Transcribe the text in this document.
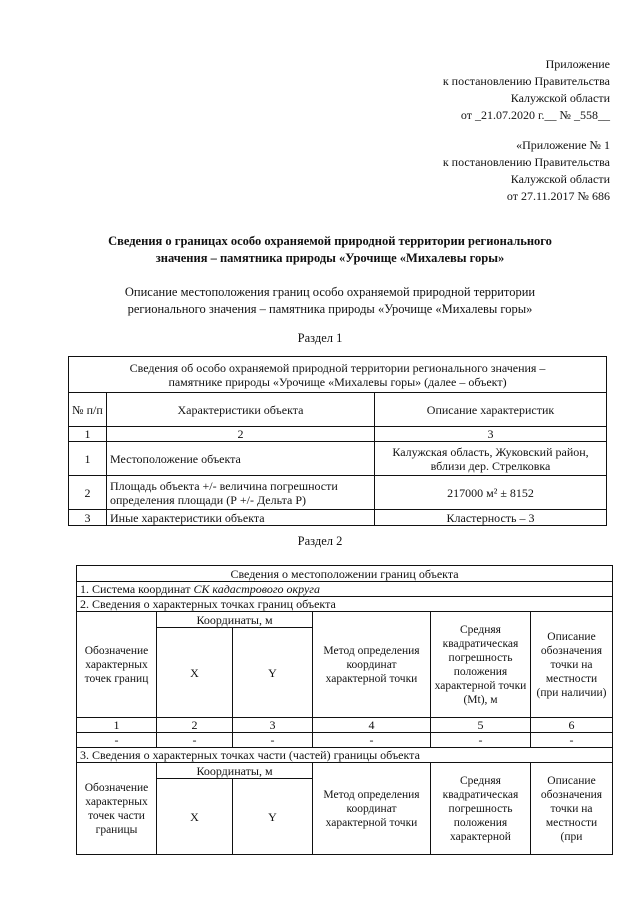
Приложение
к постановлению Правительства
Калужской области
от _21.07.2020 г.__ № _558__
«Приложение № 1
к постановлению Правительства
Калужской области
от 27.11.2017 № 686
Сведения о границах особо охраняемой природной территории регионального
значения – памятника природы «Урочище «Михалевы горы»
Описание местоположения границ особо охраняемой природной территории
регионального значения – памятника природы «Урочище «Михалевы горы»
Раздел 1
Сведения об особо охраняемой природной территории регионального значения –
памятнике природы «Урочище «Михалевы горы» (далее – объект)		

№ п/п	Характеристики объекта	Описание характеристик
1	2	3
1	Местоположение объекта	Калужская область, Жуковский район, вблизи дер. Стрелковка
2	Площадь объекта +/- величина погрешности определения площади (Р +/- Дельта Р)	217000 м² ± 8152
3	Иные характеристики объекта	Кластерность – 3
Раздел 2
Сведения о местоположении границ объекта					
1. Система координат СК кадастрового округа					
2. Сведения о характерных точках границ объекта					
Обозначение характерных точек границ	Координаты, м		Метод определения координат характерной точки	Средняя квадратическая погрешность положения характерной точки (Mt), м	Описание обозначения точки на местности (при наличии)
	X	Y			
1	2	3	4	5	6
-	-	-	-	-	-
3. Сведения о характерных точках части (частей) границы объекта					
Обозначение характерных точек части границы	Координаты, м		Метод определения координат характерной точки	Средняя квадратическая погрешность положения характерной	Описание обозначения точки на местности (при
	X	Y			
